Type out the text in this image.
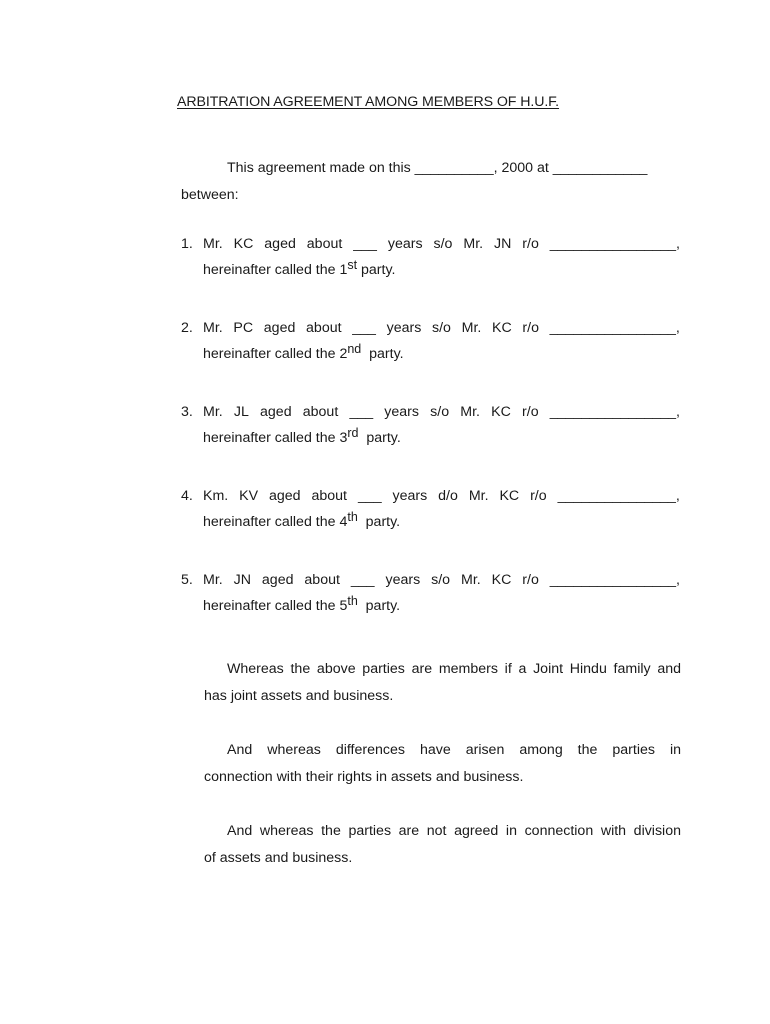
ARBITRATION AGREEMENT AMONG MEMBERS OF H.U.F.
This agreement made on this __________, 2000 at ____________
between:
1. Mr. KC aged about ___ years s/o Mr. JN r/o ________________,
hereinafter called the 1st party.
2. Mr. PC aged about ___ years s/o Mr. KC r/o ________________,
hereinafter called the 2nd  party.
3. Mr. JL aged about ___ years s/o Mr. KC r/o ________________,
hereinafter called the 3rd  party.
4. Km. KV aged about ___ years d/o Mr. KC r/o _______________,
hereinafter called the 4th  party.
5. Mr. JN aged about ___ years s/o Mr. KC r/o ________________,
hereinafter called the 5th  party.
Whereas the above parties are members if a Joint Hindu family and
has joint assets and business.
And whereas differences have arisen among the parties in
connection with their rights in assets and business.
And whereas the parties are not agreed in connection with division
of assets and business.
